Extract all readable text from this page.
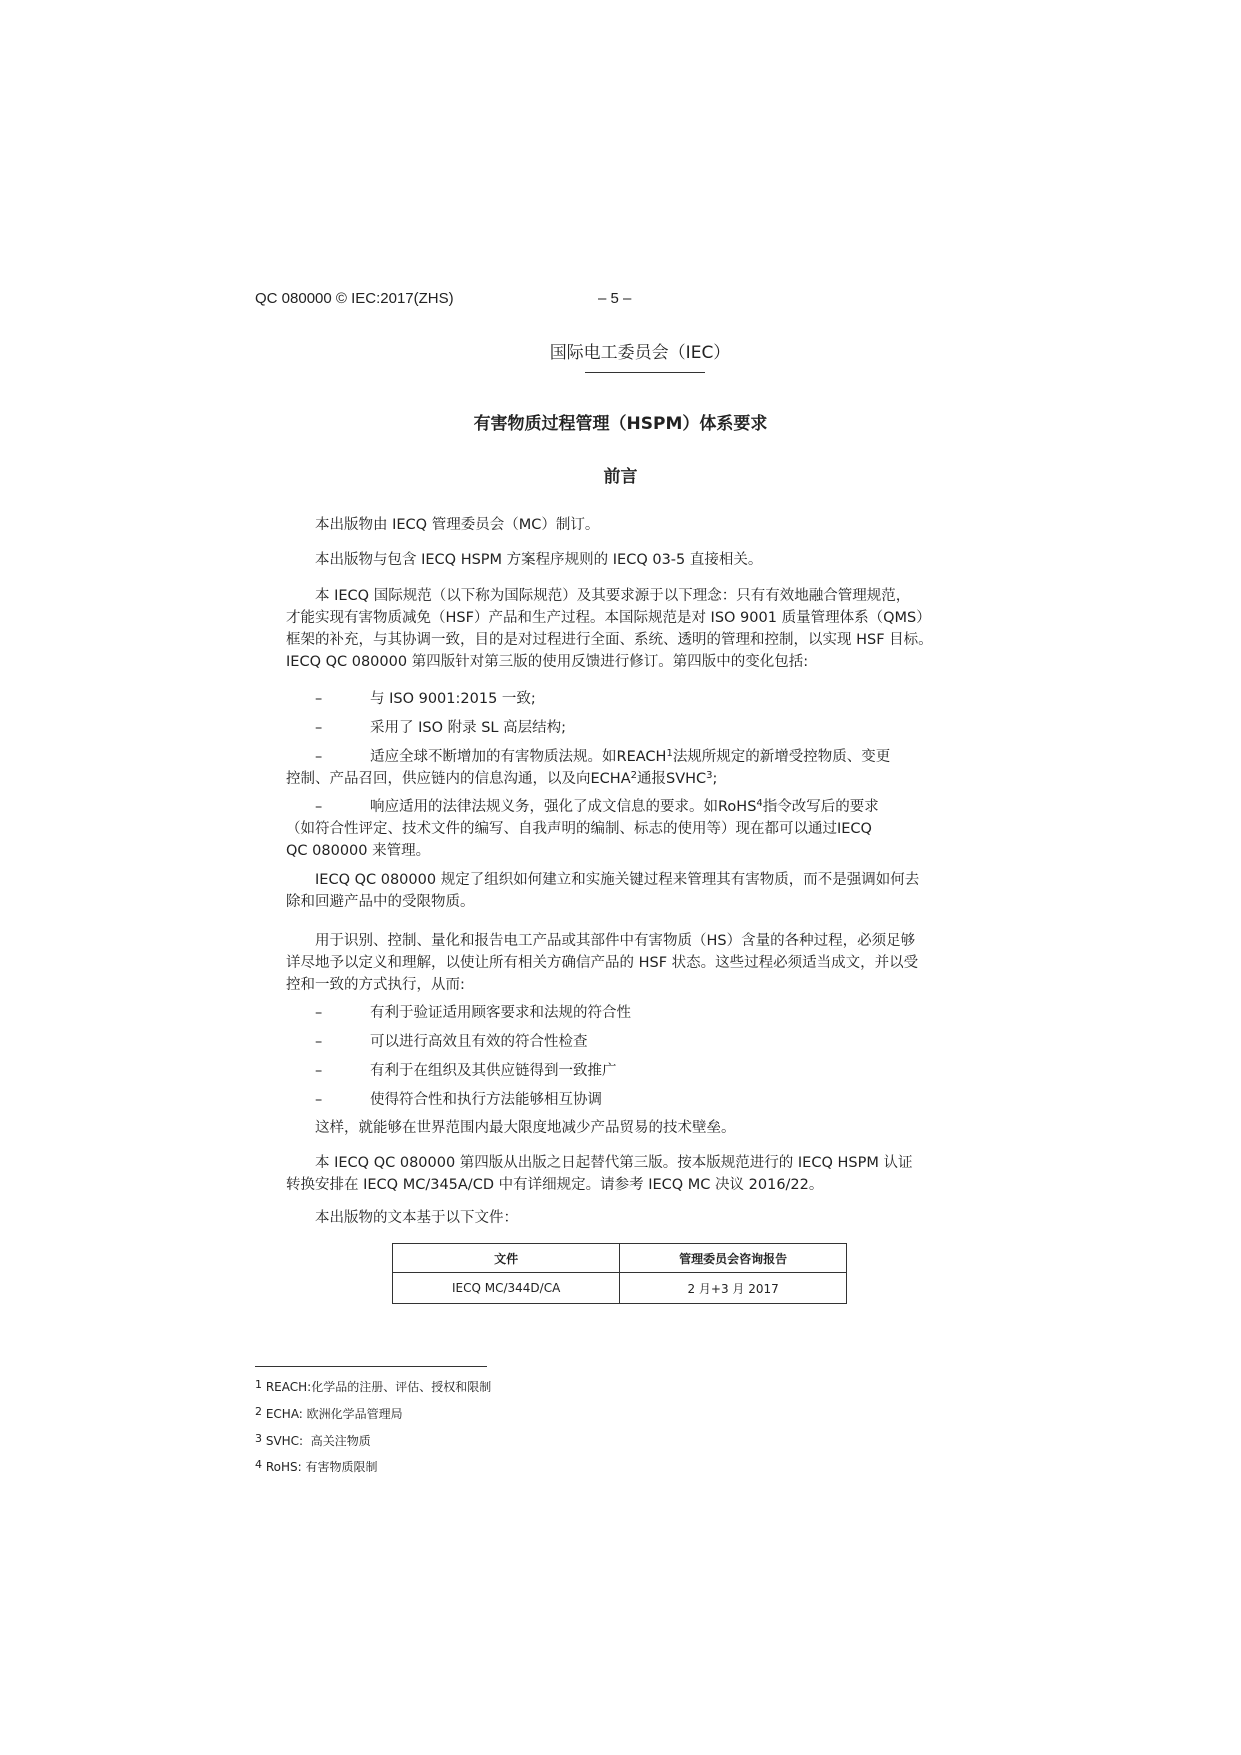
QC 080000 © IEC:2017(ZHS)	– 5 –
国际电工委员会（IEC）
有害物质过程管理（HSPM）体系要求
前言

本出版物由 IECQ 管理委员会（MC）制订。

本出版物与包含 IECQ HSPM 方案程序规则的 IECQ 03-5 直接相关。

本 IECQ 国际规范（以下称为国际规范）及其要求源于以下理念：只有有效地融合管理规范，
才能实现有害物质减免（HSF）产品和生产过程。本国际规范是对 ISO 9001 质量管理体系（QMS）
框架的补充，与其协调一致，目的是对过程进行全面、系统、透明的管理和控制，以实现 HSF 目标。
IECQ QC 080000 第四版针对第三版的使用反馈进行修订。第四版中的变化包括:
–	与 ISO 9001:2015 一致;
–	采用了 ISO 附录 SL 高层结构;
–	适应全球不断增加的有害物质法规。如REACH$^1$法规所规定的新增受控物质、变更
控制、产品召回，供应链内的信息沟通，以及向ECHA$^2$通报SVHC$^3$;
–	响应适用的法律法规义务，强化了成文信息的要求。如RoHS$^4$指令改写后的要求
（如符合性评定、技术文件的编写、自我声明的编制、标志的使用等）现在都可以通过IECQ
QC 080000 来管理。
IECQ QC 080000 规定了组织如何建立和实施关键过程来管理其有害物质，而不是强调如何去
除和回避产品中的受限物质。
用于识别、控制、量化和报告电工产品或其部件中有害物质（HS）含量的各种过程，必须足够
详尽地予以定义和理解，以使让所有相关方确信产品的 HSF 状态。这些过程必须适当成文，并以受
控和一致的方式执行，从而:
–	有利于验证适用顾客要求和法规的符合性
–	可以进行高效且有效的符合性检查
–	有利于在组织及其供应链得到一致推广
–	使得符合性和执行方法能够相互协调
这样，就能够在世界范围内最大限度地减少产品贸易的技术壁垒。
本 IECQ QC 080000 第四版从出版之日起替代第三版。按本版规范进行的 IECQ HSPM 认证
转换安排在 IECQ MC/345A/CD 中有详细规定。请参考 IECQ MC 决议 2016/22。
本出版物的文本基于以下文件：
文件	管理委员会咨询报告
IECQ MC/344D/CA	2 月+3 月 2017
$^1$ REACH:化学品的注册、评估、授权和限制
$^2$ ECHA: 欧洲化学品管理局
$^3$ SVHC:  高关注物质
$^4$ RoHS: 有害物质限制
